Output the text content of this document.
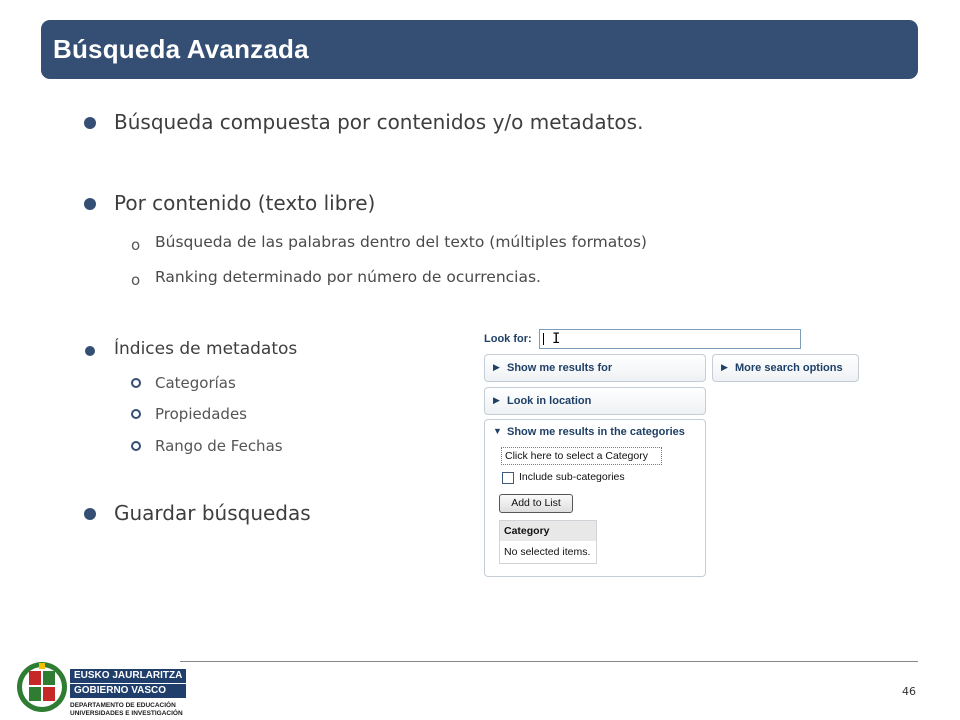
Búsqueda Avanzada
Búsqueda compuesta por contenidos y/o metadatos.
Por contenido (texto libre)
o Búsqueda de las palabras dentro del texto (múltiples formatos)
o Ranking determinado por número de ocurrencias.
Índices de metadatos
Categorías
Propiedades
Rango de Fechas
Guardar búsquedas
Look for: I
▶ Show me results for	▶ More search options
▶ Look in location
▼ Show me results in the categories
Click here to select a Category
Include sub-categories
Add to List
Category
No selected items.
46
EUSKO JAURLARITZA
GOBIERNO VASCO
DEPARTAMENTO DE EDUCACIÓN
UNIVERSIDADES E INVESTIGACIÓN
